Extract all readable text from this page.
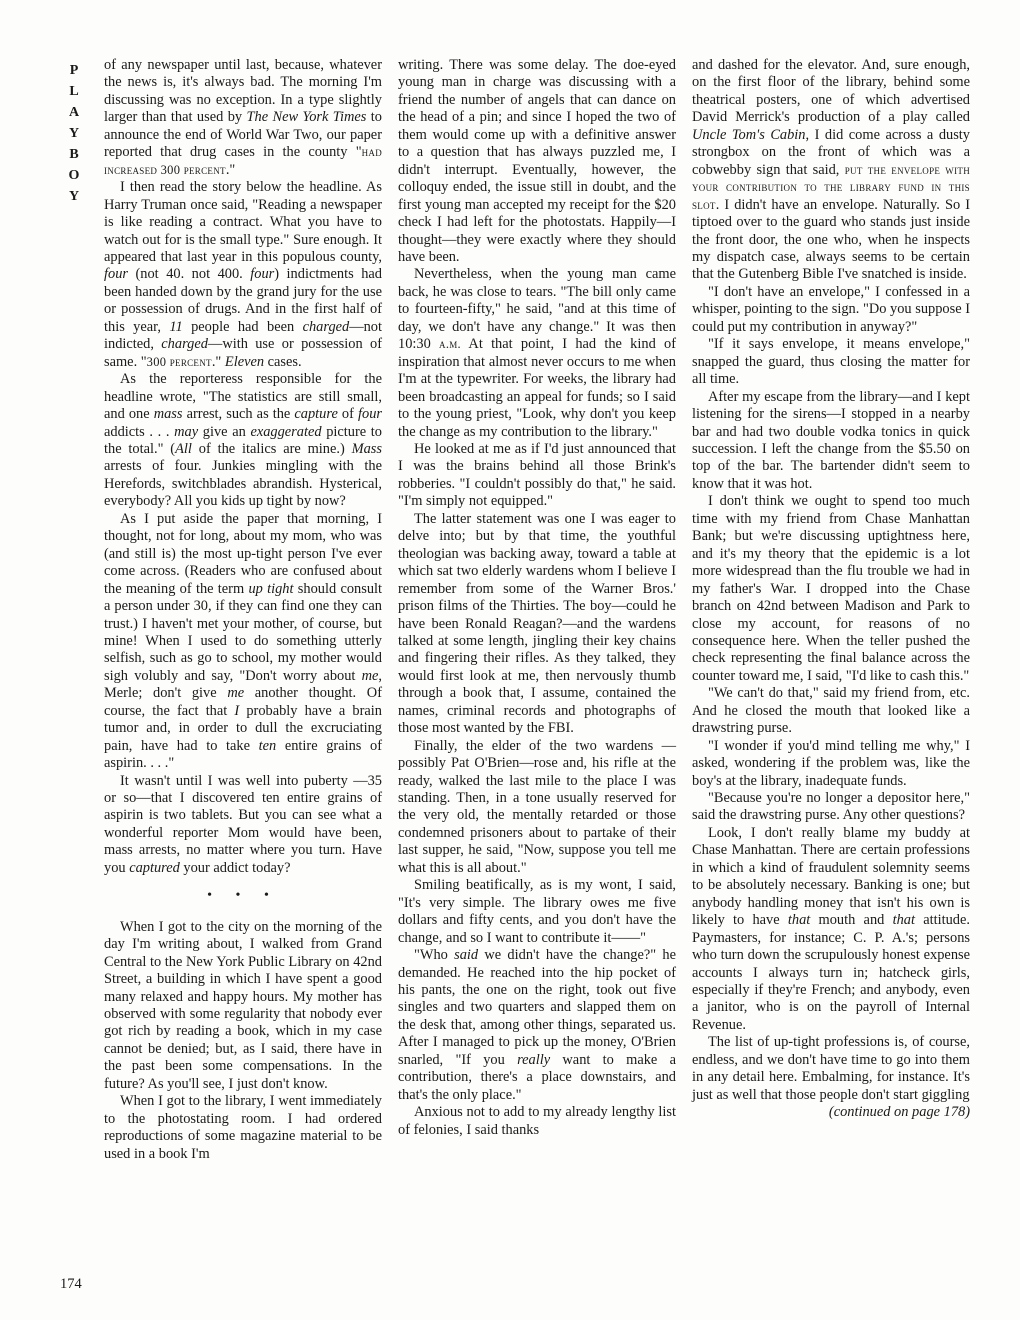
P
L
A
Y
B
O
Y

of any newspaper until last, because, whatever the news is, it's always bad. The morning I'm discussing was no exception. In a type slightly larger than that used by The New York Times to announce the end of World War Two, our paper reported that drug cases in the county "had increased 300 percent."

I then read the story below the headline. As Harry Truman once said, "Reading a newspaper is like reading a contract. What you have to watch out for is the small type." Sure enough. It appeared that last year in this populous county, four (not 40. not 400. four) indictments had been handed down by the grand jury for the use or possession of drugs. And in the first half of this year, 11 people had been charged—not indicted, charged—with use or possession of same. "300 percent." Eleven cases.

As the reporteress responsible for the headline wrote, "The statistics are still small, and one mass arrest, such as the capture of four addicts . . . may give an exaggerated picture to the total." (All of the italics are mine.) Mass arrests of four. Junkies mingling with the Herefords, switchblades abrandish. Hysterical, everybody? All you kids up tight by now?

As I put aside the paper that morning, I thought, not for long, about my mom, who was (and still is) the most up-tight person I've ever come across. (Readers who are confused about the meaning of the term up tight should consult a person under 30, if they can find one they can trust.) I haven't met your mother, of course, but mine! When I used to do something utterly selfish, such as go to school, my mother would sigh volubly and say, "Don't worry about me, Merle; don't give me another thought. Of course, the fact that I probably have a brain tumor and, in order to dull the excruciating pain, have had to take ten entire grains of aspirin. . . ."

It wasn't until I was well into puberty —35 or so—that I discovered ten entire grains of aspirin is two tablets. But you can see what a wonderful reporter Mom would have been, mass arrests, no matter where you turn. Have you captured your addict today?

• • •

When I got to the city on the morning of the day I'm writing about, I walked from Grand Central to the New York Public Library on 42nd Street, a building in which I have spent a good many relaxed and happy hours. My mother has observed with some regularity that nobody ever got rich by reading a book, which in my case cannot be denied; but, as I said, there have in the past been some compensations. In the future? As you'll see, I just don't know.

When I got to the library, I went immediately to the photostating room. I had ordered reproductions of some magazine material to be used in a book I'm

writing. There was some delay. The doe-eyed young man in charge was discussing with a friend the number of angels that can dance on the head of a pin; and since I hoped the two of them would come up with a definitive answer to a question that has always puzzled me, I didn't interrupt. Eventually, however, the colloquy ended, the issue still in doubt, and the first young man accepted my receipt for the $20 check I had left for the photostats. Happily—I thought—they were exactly where they should have been.

Nevertheless, when the young man came back, he was close to tears. "The bill only came to fourteen-fifty," he said, "and at this time of day, we don't have any change." It was then 10:30 a.m. At that point, I had the kind of inspiration that almost never occurs to me when I'm at the typewriter. For weeks, the library had been broadcasting an appeal for funds; so I said to the young priest, "Look, why don't you keep the change as my contribution to the library."

He looked at me as if I'd just announced that I was the brains behind all those Brink's robberies. "I couldn't possibly do that," he said. "I'm simply not equipped."

The latter statement was one I was eager to delve into; but by that time, the youthful theologian was backing away, toward a table at which sat two elderly wardens whom I believe I remember from some of the Warner Bros.' prison films of the Thirties. The boy—could he have been Ronald Reagan?—and the wardens talked at some length, jingling their key chains and fingering their rifles. As they talked, they would first look at me, then nervously thumb through a book that, I assume, contained the names, criminal records and photographs of those most wanted by the FBI.

Finally, the elder of the two wardens —possibly Pat O'Brien—rose and, his rifle at the ready, walked the last mile to the place I was standing. Then, in a tone usually reserved for the very old, the mentally retarded or those condemned prisoners about to partake of their last supper, he said, "Now, suppose you tell me what this is all about."

Smiling beatifically, as is my wont, I said, "It's very simple. The library owes me five dollars and fifty cents, and you don't have the change, and so I want to contribute it——"

"Who said we didn't have the change?" he demanded. He reached into the hip pocket of his pants, the one on the right, took out five singles and two quarters and slapped them on the desk that, among other things, separated us. After I managed to pick up the money, O'Brien snarled, "If you really want to make a contribution, there's a place downstairs, and that's the only place."

Anxious not to add to my already lengthy list of felonies, I said thanks

and dashed for the elevator. And, sure enough, on the first floor of the library, behind some theatrical posters, one of which advertised David Merrick's production of a play called Uncle Tom's Cabin, I did come across a dusty strongbox on the front of which was a cobwebby sign that said, put the envelope with your contribution to the library fund in this slot. I didn't have an envelope. Naturally. So I tiptoed over to the guard who stands just inside the front door, the one who, when he inspects my dispatch case, always seems to be certain that the Gutenberg Bible I've snatched is inside.

"I don't have an envelope," I confessed in a whisper, pointing to the sign. "Do you suppose I could put my contribution in anyway?"

"If it says envelope, it means envelope," snapped the guard, thus closing the matter for all time.

After my escape from the library—and I kept listening for the sirens—I stopped in a nearby bar and had two double vodka tonics in quick succession. I left the change from the $5.50 on top of the bar. The bartender didn't seem to know that it was hot.

I don't think we ought to spend too much time with my friend from Chase Manhattan Bank; but we're discussing uptightness here, and it's my theory that the epidemic is a lot more widespread than the flu trouble we had in my father's War. I dropped into the Chase branch on 42nd between Madison and Park to close my account, for reasons of no consequence here. When the teller pushed the check representing the final balance across the counter toward me, I said, "I'd like to cash this."

"We can't do that," said my friend from, etc. And he closed the mouth that looked like a drawstring purse.

"I wonder if you'd mind telling me why," I asked, wondering if the problem was, like the boy's at the library, inadequate funds.

"Because you're no longer a depositor here," said the drawstring purse. Any other questions?

Look, I don't really blame my buddy at Chase Manhattan. There are certain professions in which a kind of fraudulent solemnity seems to be absolutely necessary. Banking is one; but anybody handling money that isn't his own is likely to have that mouth and that attitude. Paymasters, for instance; C. P. A.'s; persons who turn down the scrupulously honest expense accounts I always turn in; hatcheck girls, especially if they're French; and anybody, even a janitor, who is on the payroll of Internal Revenue.

The list of up-tight professions is, of course, endless, and we don't have time to go into them in any detail here. Embalming, for instance. It's just as well that those people don't start giggling

(continued on page 178)

174
